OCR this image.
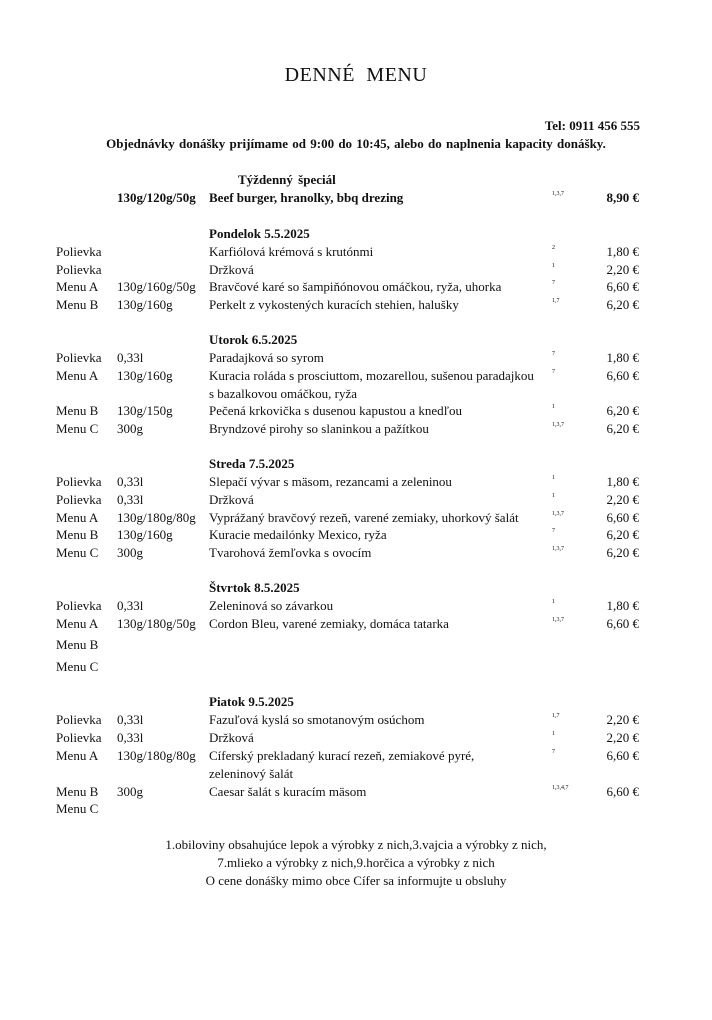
DENNÉ MENU
Tel: 0911 456 555
Objednávky donášky prijímame od 9:00 do 10:45, alebo do naplnenia kapacity donášky.
Týždenný špeciál
130g/120g/50g Beef burger, hranolky, bbq drezing	1,3,7	8,90 €
Pondelok 5.5.2025
Polievka	Karfiólová krémová s krutónmi	2	1,80 €
Polievka	Držková	1	2,20 €
Menu A 130g/160g/50g Bravčové karé so šampiňónovou omáčkou, ryža, uhorka	7	6,60 €
Menu B 130g/160g	Perkelt z vykostených kuracích stehien, halušky	1,7	6,20 €
Utorok 6.5.2025
Polievka 0,33l	Paradajková so syrom	7	1,80 €
Menu A 130g/160g	Kuracia roláda s prosciuttom, mozarellou, sušenou paradajkou	7	6,60 €
s bazalkovou omáčkou, ryža
Menu B 130g/150g	Pečená krkovička s dusenou kapustou a knedľou	1	6,20 €
Menu C 300g	Bryndzové pirohy so slaninkou a pažítkou	1,3,7	6,20 €
Streda 7.5.2025
Polievka 0,33l	Slepačí vývar s mäsom, rezancami a zeleninou	1	1,80 €
Polievka 0,33l	Držková	1	2,20 €
Menu A 130g/180g/80g Vyprážaný bravčový rezeň, varené zemiaky, uhorkový šalát	1,3,7	6,60 €
Menu B 130g/160g	Kuracie medailónky Mexico, ryža	7	6,20 €
Menu C 300g	Tvarohová žemľovka s ovocím	1,3,7	6,20 €
Štvrtok 8.5.2025
Polievka 0,33l	Zeleninová so závarkou	1	1,80 €
Menu A 130g/180g/50g Cordon Bleu, varené zemiaky, domáca tatarka	1,3,7	6,60 €
Menu B
Menu C
Piatok 9.5.2025
Polievka 0,33l	Fazuľová kyslá so smotanovým osúchom	1,7	2,20 €
Polievka 0,33l	Držková	1	2,20 €
Menu A 130g/180g/80g Cíferský prekladaný kurací rezeň, zemiakové pyré,	7	6,60 €
zeleninový šalát
Menu B 300g	Caesar šalát s kuracím mäsom	1,3,4,7	6,60 €
Menu C
1.obiloviny obsahujúce lepok a výrobky z nich,3.vajcia a výrobky z nich,
7.mlieko a výrobky z nich,9.horčica a výrobky z nich
O cene donášky mimo obce Cífer sa informujte u obsluhy
